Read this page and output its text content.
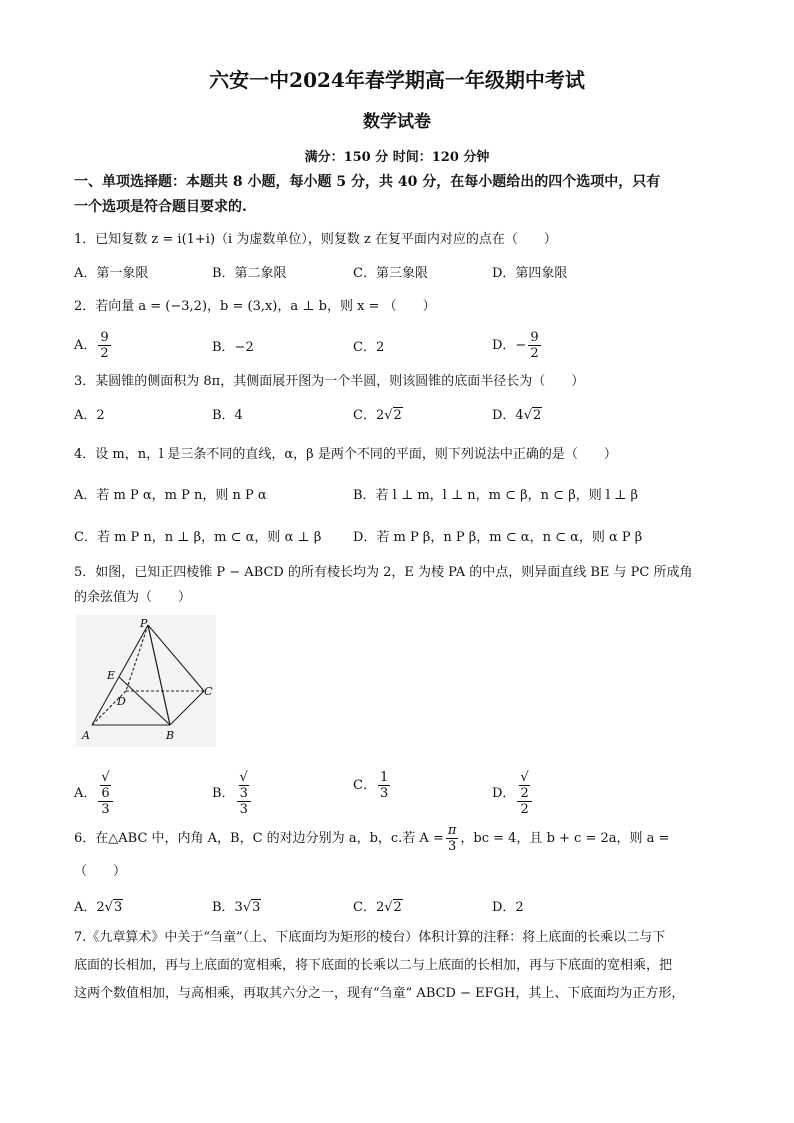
六安一中2024年春学期高一年级期中考试
数学试卷
满分：150 分 时间：120 分钟
一、单项选择题：本题共 8 小题，每小题 5 分，共 40 分，在每小题给出的四个选项中，只有
一个选项是符合题目要求的.
1．已知复数 z = i(1+i)（i 为虚数单位），则复数 z 在复平面内对应的点在（　　）
A．第一象限	B．第二象限	C．第三象限	D．第四象限
2．若向量 a = (−3,2)，b = (3,x)，a ⊥ b，则 x = （　　）
A． $\frac{9}{2}$	B．−2	C．2	D．− $\frac{9}{2}$
3．某圆锥的侧面积为 8π，其侧面展开图为一个半圆，则该圆锥的底面半径长为（　　）
A．2	B．4	C．2√2	D．4√2
4．设 m，n，l 是三条不同的直线，α，β 是两个不同的平面，则下列说法中正确的是（　　）
A．若 m P α，m P n，则 n P α	B．若 l ⊥ m，l ⊥ n，m ⊂ β，n ⊂ β，则 l ⊥ β
C．若 m P n，n ⊥ β，m ⊂ α，则 α ⊥ β D．若 m P β，n P β，m ⊂ α，n ⊂ α，则 α P β
5．如图，已知正四棱锥 P − ABCD 的所有棱长均为 2，E 为棱 PA 的中点，则异面直线 BE 与 PC 所成角
的余弦值为（　　）
P
E
D
C
A	B
A． √
6
3	B． √
3
3	C． $\frac{1}{3}$	D． √
2
2
6．在△ABC 中，内角 A，B，C 的对边分别为 a，b，c.若 $A = \frac{\pi}{3}$ ，bc = 4，且 b + c = 2a，则 a =
（　　）
A．2√3	B．3√3	C．2√2	D．2
7.《九章算术》中关于“刍童”（上、下底面均为矩形的棱台）体积计算的注释：将上底面的长乘以二与下
底面的长相加，再与上底面的宽相乘，将下底面的长乘以二与上底面的长相加，再与下底面的宽相乘，把
这两个数值相加，与高相乘，再取其六分之一，现有“刍童” ABCD − EFGH，其上、下底面均为正方形，
